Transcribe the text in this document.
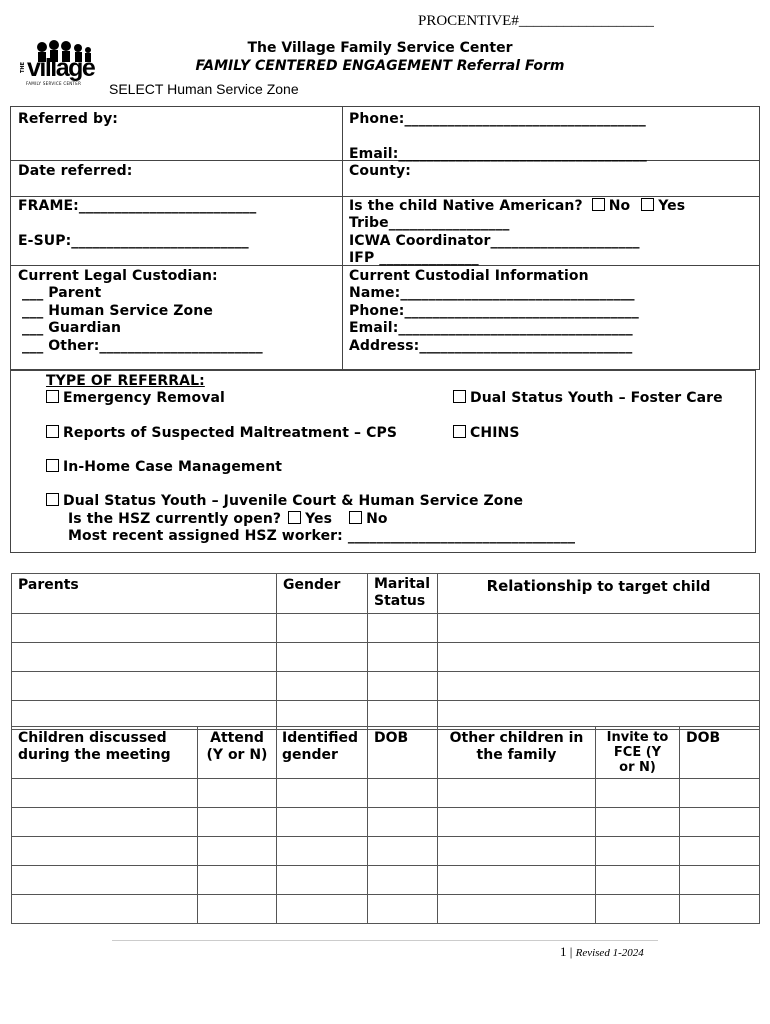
PROCENTIVE#__________________
THE village
FAMILY SERVICE CENTER
The Village Family Service Center
FAMILY CENTERED ENGAGEMENT Referral Form
SELECT Human Service Zone
Referred by:	Phone:__________________________________
Email:___________________________________
Date referred:	County:
FRAME:_________________________
E-SUP:_________________________
Is the child Native American? No Yes
Tribe_________________
ICWA Coordinator_____________________
IFP ______________
Current Legal Custodian:
___ Parent
___ Human Service Zone
___ Guardian
___ Other:_______________________
Current Custodial Information
Name:_________________________________
Phone:_________________________________
Email:_________________________________
Address:______________________________
TYPE OF REFERRAL:
Emergency Removal	Dual Status Youth – Foster Care
Reports of Suspected Maltreatment – CPS	CHINS
In-Home Case Management
Dual Status Youth – Juvenile Court & Human Service Zone
Is the HSZ currently open? Yes No
Most recent assigned HSZ worker: ________________________________
Parents	Gender	Marital Status	Relationship to target child

Children discussed during the meeting	Attend (Y or N)	Identified gender	DOB	Other children in the family	Invite to FCE (Y or N)	DOB

1 | Revised 1-2024
